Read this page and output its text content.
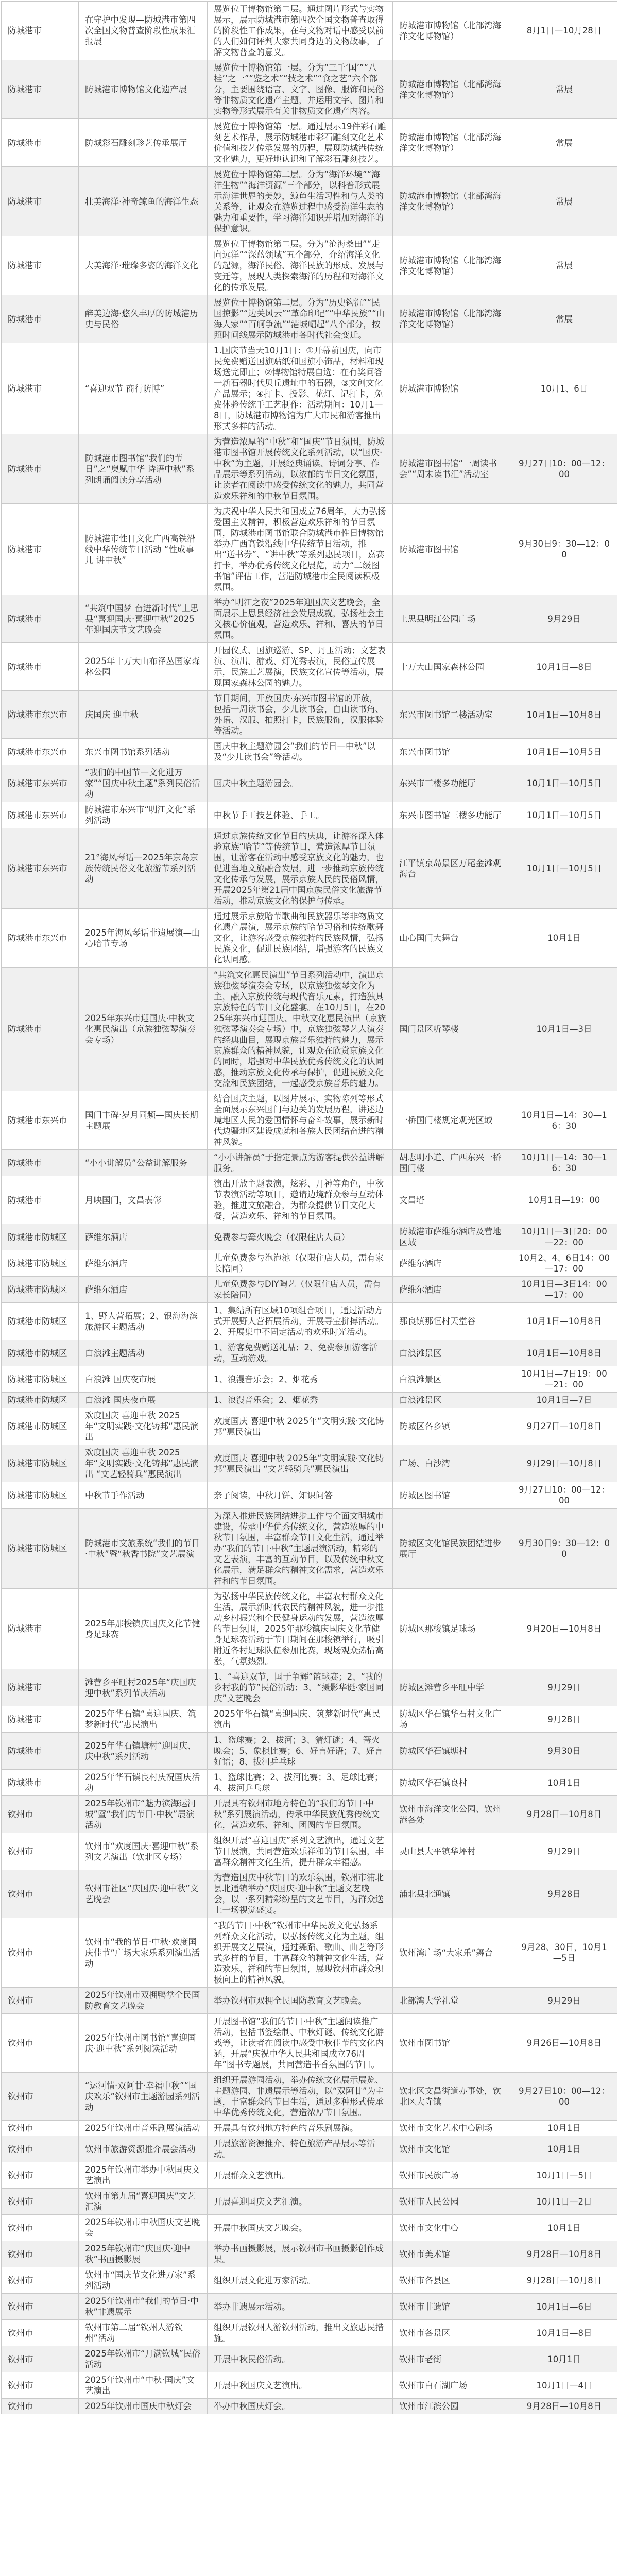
防城港市	在守护中发现—防城港市第四次全国文物普查阶段性成果汇报展	展览位于博物馆第二层。通过图片形式与实物展示，展示防城港市第四次全国文物普查取得的阶段性工作成果，在与文物对话中感受以前的人们如何评判大家共同身边的文物故事，了解文物普查的意义。	防城港市博物馆（北部湾海洋文化博物馆）	8月1日—10月28日
防城港市	防城港市博物馆文化遗产展	展览位于博物馆第一层。分为“三千‘国’”“八桂’‘之一”“鉴之术”“技之术”“食之艺”六个部分，主要围绕语言、文字、图像、服饰和民俗等非物质文化遗产主题，并运用文字、图片和实物等形式展示有关非物质文化遗产内容。	防城港市博物馆（北部湾海洋文化博物馆）	常展
防城港市	防城彩石雕刻珍艺传承展厅	展览位于博物馆第一层。通过展示19件彩石雕刻艺术作品，展示防城港市彩石雕刻文化艺术价值和技艺传承发展的历程，展现防城港传统文化魅力，更好地认识和了解彩石雕刻技艺。	防城港市博物馆（北部湾海洋文化博物馆）	常展
防城港市	壮美海洋·神奇鲸鱼的海洋生态	展览位于博物馆第二层。分为“海洋环境”“海洋生物”“海洋资源”三个部分，以科普形式展示海洋世界的美妙，鲸鱼生活习性和与人类的关系等，让观众在游览过程中感受海洋生态的魅力和重要性，学习海洋知识并增加对海洋的保护意识。	防城港市博物馆（北部湾海洋文化博物馆）	常展
防城港市	大美海洋·璀璨多姿的海洋文化	展览位于博物馆第二层。分为“沧海桑田”“走向远洋”“深蓝领域”五个部分，介绍海洋文化的起源，海洋民俗、海洋民族的形成、发展与变迁等，展现人类探索海洋的历程和对海洋文化的传承发展。	防城港市博物馆（北部湾海洋文化博物馆）	常展
防城港市	醉美边海·悠久丰厚的防城港历史与民俗	展览位于博物馆第二层。分为“历史钩沉”“民国掠影”“边关风云”“革命印记”“中华民族”“山海人家”“百舸争流”“港城崛起”八个部分，按照时间线展示防城港市各时代社会变迁。	防城港市博物馆（北部湾海洋文化博物馆）	常展
防城港市	“喜迎双节 商行防博”	1.国庆节当天10月1日：①开幕前国庆，向市民免费赠送国旗贴纸和国旗小饰品，材料和现场送完即止；②博物馆特展自选：在有奖问答一新石器时代贝丘遗址中的石器，③文创文化产品展示；④打卡、投影、花灯、记打卡，免费体验传统手工艺制作：活动期间：10月1—8日，防城港市博物馆为广大市民和游客推出形式多样的活动。	防城港市博物馆	10月1、6日
防城港市	防城港市图书馆“我们的节日”之“奥赋中华 诗语中秋”系列朗诵阅读分享活动	为营造浓厚的“中秋”和“国庆”节日氛围，防城港市图书馆开展传统文化系列活动，以“国庆·中秋”为主题，开展经典诵读、诗词分享、作品展示等系列活动，以浓郁的节日文化氛围，让读者在阅读中感受传统文化的魅力，共同营造欢乐祥和的中秋节日氛围。	防城港市图书馆“一周读书会”“周末读书汇”活动室	9月27日10：00—12：00
防城港市	防城港市性日文化广西高铁沿线中华传统节日活动 “性成事儿 讲中秋”	为庆祝中华人民共和国成立76周年，大力弘扬爱国主义精神，积极营造欢乐祥和的节日氛围，防城港市图书馆联合防城港市性日博物馆举办广西高铁沿线中华传统节日活动，推出“送书券”、“讲中秋”等系列惠民项目，嘉赛打卡，举办优秀传统文化展览，助力“二级图书馆”评估工作，营造防城港市全民阅读积极氛围。	防城港市图书馆	9月30日9：30—12：00
防城港市	“共筑中国梦 奋进新时代”上思县“喜迎国庆·喜迎中秋”2025年迎国庆节文艺晚会	举办“明江之夜”2025年迎国庆文艺晚会，全面展示上思县经济社会发展成就，弘扬社会主义核心价值观，营造欢乐、祥和、喜庆的节日氛围。	上思县明江公园广场	9月29日
防城港市	2025年十万大山布泽丛国家森林公园	开园仪式、国旗巡游、SP、丹玉活动；文艺表演、演出、游戏、灯光秀表演，民俗宣传展示，民族工艺展演，民族文化宣传等活动，展现国家森林公园的魅力。	十万大山国家森林公园	10月1日—8日
防城港市东兴市	庆国庆 迎中秋	节日期间，开放国庆·东兴市图书馆的开放，包括一周读书会，少儿读书会，自由读书角、外语、汉服、拍照打卡，民族服饰，汉服体验等活动。	东兴市图书馆二楼活动室	10月1日—10月8日
防城港市东兴市	东兴市图书馆系列活动	国庆中秋主题游园会“我们的节日—中秋”以及“少儿读书会”等活动。	东兴市图书馆	10月1日—10月5日
防城港市东兴市	“我们的中国节—文化进万家”“国庆中秋主题”系列民俗活动	国庆中秋主题游园会。	东兴市三楼多功能厅	10月1日—10月5日
防城港市东兴市	防城港市东兴市“明江文化”系列活动	中秋节手工技艺体验、手工。	东兴市图书馆三楼多功能厅	10月1日—10月5日
防城港市东兴市	21°海风琴话—2025年京岛京族传统民俗文化旅游节系列活动	通过京族传统文化节日的庆典，让游客深入体验京族“哈节”等传统节日，营造浓厚节日氛围，让游客在活动中感受京族文化的魅力，也促进当地文旅融合发展，进一步推动京族传统文化传承与发展，展示京族人民的民俗风情，开展2025年第21届中国京族民俗文化旅游节活动，推动京族文化的保护与传承。	江平镇京岛景区万尾金滩观海台	10月1日—10月5日
防城港市东兴市	2025年海风琴话非遗展演—山心哈节专场	通过展示京族哈节歌曲和民族器乐等非物质文化遗产展演，展示京族的哈节习俗和传统歌舞文化，让游客感受京族独特的民族风情，弘扬民族文化，促进民族团结，增强游客的民族文化认同感。	山心国门大舞台	10月1日
防城港市	2025年东兴市迎国庆·中秋文化惠民演出（京族独弦琴演奏会专场）	“共筑文化惠民演出”节日系列活动中，演出京族独弦琴演奏会专场，以京族独弦琴文化为主，融入京族传统与现代音乐元素，打造独具京族特色的节日文化盛宴。在10月5日，在2025年东兴市迎国庆、中秋文化惠民演出（京族独弦琴演奏会专场）中，京族独弦琴艺人演奏的经典曲目，展现京族音乐独特的魅力，展示京族群众的精神风貌，让观众在欣赏京族文化的同时，增强对中华民族优秀传统文化的认同感，推动京族文化传承与保护，促进民族文化交流和民族团结，一起感受京族音乐的魅力。	国门景区听琴楼	10月1日—3日
防城港市东兴市	国门丰碑·岁月同频—国庆长期主题展	结合国庆主题，以图片展示、实物陈列等形式全面展示东兴国门与边关的发展历程，讲述边境地区人民的爱国情怀与奋斗故事，展示新时代边疆地区建设成就和各族人民团结奋进的精神风貌。	一桥国门楼规定观光区域	10月1日—14：30—16：30
防城港市	“小小讲解员”公益讲解服务	“小小讲解员”于指定景点为游客提供公益讲解服务。	胡志明小道、广西东兴一桥国门楼	10月1日—14：30—16：30
防城港市	月映国门，文昌表彰	演出开放主题表演，炫彩、月神等角色，中秋节表演活动等项目，邀请边境群众参与互动体验，推进文旅融合，为群众提供节日文化大餐，营造欢乐、祥和的节日氛围。	文昌塔	10月1日—19：00
防城港市防城区	萨维尔酒店	免费参与篝火晚会（仅限住店人员）	防城港市萨维尔酒店及营地区域	10月1日—3日20：00—22：00
防城港市防城区	萨维尔酒店	儿童免费参与泡泡池（仅限住店人员，需有家长陪同）	萨维尔酒店	10月2、4、6日14：00—17：00
防城港市防城区	萨维尔酒店	儿童免费参与DIY陶艺（仅限住店人员，需有家长陪同）	萨维尔酒店	10月1日—3日14：00—17：00
防城港市防城区	1、野人营拓展；2、银海海滨旅游区主题活动	1、集结所有区域10项组合项目，通过活动方式开展野人营拓展活动，开展寻宝拼搏活动。2、开展集中不固定活动的欢乐时光活动。	那良镇那恒村天堂谷	10月1日—10月8日
防城港市防城区	白浪滩主题活动	1、游客免费赠送礼品；2、免费参加游客活动，互动游戏。	白浪滩景区	10月1日—10月8日
防城港市防城区	白浪滩 国庆夜市展	1、浪漫音乐会；2、烟花秀	白浪滩景区	10月1日—7日19：00—21：00
防城港市防城区	白浪滩 国庆夜市展	1、浪漫音乐会；2、烟花秀	白浪滩景区	10月1日—7日
防城港市防城区	欢度国庆 喜迎中秋 2025年“文明实践·文化铸邦”惠民演出	欢度国庆 喜迎中秋 2025年“文明实践·文化铸邦”惠民演出	防城区各乡镇	9月27日—10月8日
防城港市防城区	欢度国庆 喜迎中秋 2025年“文明实践·文化铸邦”惠民演出 “文艺轻骑兵”惠民演出	欢度国庆 喜迎中秋 2025年“文明实践·文化铸邦”惠民演出 “文艺轻骑兵”惠民演出	广场、白沙湾	9月29日—10月8日
防城港市防城区	中秋节手作活动	亲子阅读，中秋月饼、知识问答	防城区图书馆	9月27日10：00—12：00
防城港市防城区	防城港市文旅系统“我们的节日·中秋”暨“秋香书院”文艺展演	为深入推进民族团结进步工作与全面文明城市建设，传承中华优秀传统文化，营造浓厚的中秋节日氛围，丰富群众节日文化生活，通过举办“我们的节日·中秋”主题展演活动，精彩的文艺表演，丰富的互动节目，以及传统中秋文化展示，满足群众的精神文化需求，营造欢乐祥和的节日氛围。	防城区文化馆民族团结进步展厅	9月30日9：30—12：00
防城港市	2025年那梭镇庆国庆文化节健身足球赛	为弘扬中华民族传统文化，丰富农村群众文化生活，展示新时代农民的精神风貌，进一步推动乡村振兴和全民健身运动的发展，营造浓厚的节日氛围，2025年那梭镇庆国庆文化节健身足球赛活动于节日期间在那梭镇举行，吸引附近各村足球队伍参加比赛，现场观众热情高涨，气氛热烈。	防城区那梭镇足球场	9月20日—10月8日
防城港市	滩营乡平旺村2025年“庆国庆 迎中秋”系列节庆活动	1、“喜迎双节，国于争辉”篮球赛；2、“我的乡村我的节”民俗活动；3、“摄影华诞·家国同庆”文艺晚会	防城区滩营乡平旺中学	9月29日
防城港市	2025年华石镇“喜迎国庆、筑梦新时代”惠民演出	2025年华石镇“喜迎国庆、筑梦新时代”惠民演出	防城区华石镇华石村文化广场	9月28日
防城港市	2025年华石镇塘村“迎国庆、庆中秋”系列活动	1、篮球赛；2、拔河；3、猜灯谜；4、篝火晚会；5、象棋比赛；6、好言好语；7、好言好语；8、拔河乒乓球	防城区华石镇塘村	9月30日
防城港市	2025年华石镇良村庆祝国庆活动	1、篮球比赛；2、拔河比赛；3、足球比赛；4、拔河乒乓球	防城区华石镇良村	10月1日
钦州市	2025年钦州市“魅力滨海运河城”暨“我们的节日·中秋”展演活动	开展具有钦州市地方特色的“我们的节日·中秋”系列展演活动，传承中华民族优秀传统文化，营造欢乐、祥和、团圆的节日氛围。	钦州市海洋文化公园、钦州港各处	9月28日—10月8日
钦州市	钦州市“欢度国庆·喜迎中秋”系列文艺演出（钦北区专场）	组织开展“喜迎国庆”系列文艺演出，通过文艺节目展演，共同营造欢乐祥和的节日氛围，丰富群众精神文化生活，提升群众幸福感。	灵山县大平镇华坪村	9月29日
钦州市	钦州市社区“庆国庆·迎中秋”文艺晚会	为营造国庆中秋节日的欢乐氛围，钦州市浦北县北通镇举办“庆国庆·迎中秋”主题文艺晚会，以一系列精彩纷呈的文艺节目，为群众送上一场视觉盛宴。	浦北县北通镇	9月28日
钦州市	钦州市“我的节日·中秋·欢度国庆佳节”广场大家乐系列演出活动	“我的节日·中秋”钦州市中华民族文化弘扬系列群众文化活动，以弘扬传统文化为主题，组织开展文艺展演，通过舞蹈、歌曲、曲艺等形式多样的节目，丰富群众的精神文化生活，营造欢乐、祥和的节日氛围，展现钦州市群众积极向上的精神风貌。	钦州湾广场“大家乐”舞台	9月28、30日，10月1—5日
钦州市	2025年钦州市双拥鸭掌全民国防教育文艺晚会	举办钦州市双拥全民国防教育文艺晚会。	北部湾大学礼堂	9月29日
钦州市	2025年钦州市图书馆“喜迎国庆·迎中秋”系列阅读活动	开展图书馆“我们的节日·中秋”主题阅读推广活动，包括书签绘制、中秋灯谜、传统文化游戏等，让读者在阅读中感受中秋佳节的文化内涵，开展“庆祝中华人民共和国成立76周年”图书专题展，共同营造书香氛围的节日。	钦州市图书馆	9月26日—10月8日
钦州市	“运河情·双阿廿·幸福中秋”“国庆欢乐”钦州市主题游园系列活动	组织开展游园活动，举办传统文化展示展览、主题游园、非遗展示等活动，以“双阿廿”为主题，丰富群众的节日生活，通过多种形式传承中华优秀传统文化，营造浓厚节日氛围。	钦北区文昌街道办事处，钦北区大寺镇	9月27日10：00—12：00
钦州市	2025年钦州市音乐剧展演活动	开展具有钦州地方特色的音乐剧展演。	钦州市文化艺术中心剧场	10月1日
钦州市	钦州市旅游资源推介展会活动	开展旅游资源推介、特色旅游产品展示等活动。	钦州市文化馆	10月1日
钦州市	2025年钦州市举办中秋国庆文艺演出	开展群众文艺演出。	钦州市民族广场	10月1日—5日
钦州市	钦州市第九届“喜迎国庆”文艺汇演	开展喜迎国庆文艺汇演。	钦州市人民公园	10月1日—2日
钦州市	2025年钦州市中秋国庆文艺晚会	开展中秋国庆文艺晚会。	钦州市文化中心	10月1日
钦州市	2025年钦州市“庆国庆·迎中秋”书画摄影展	举办书画摄影展，展示钦州市书画摄影创作成果。	钦州市美术馆	9月28日—10月8日
钦州市	钦州市“国庆节文化进万家”系列活动	组织开展文化进万家活动。	钦州市各县区	9月28日—10月8日
钦州市	2025年钦州市“我们的节日·中秋”非遗展示	举办非遗展示活动。	钦州市非遗馆	10月1日—6日
钦州市	钦州市第二届“钦州人游钦州”活动	组织开展钦州人游钦州活动，推出文旅惠民措施。	钦州市各景区	10月1日—8日
钦州市	2025年钦州市“月满钦城”民俗活动	开展中秋民俗活动。	钦州市老街	10月1日
钦州市	2025年钦州市“中秋·国庆”文艺演出	开展中秋国庆文艺演出。	钦州市白石湖广场	10月1日—4日
钦州市	2025年钦州市国庆中秋灯会	举办中秋国庆灯会。	钦州市江滨公园	9月28日—10月8日
